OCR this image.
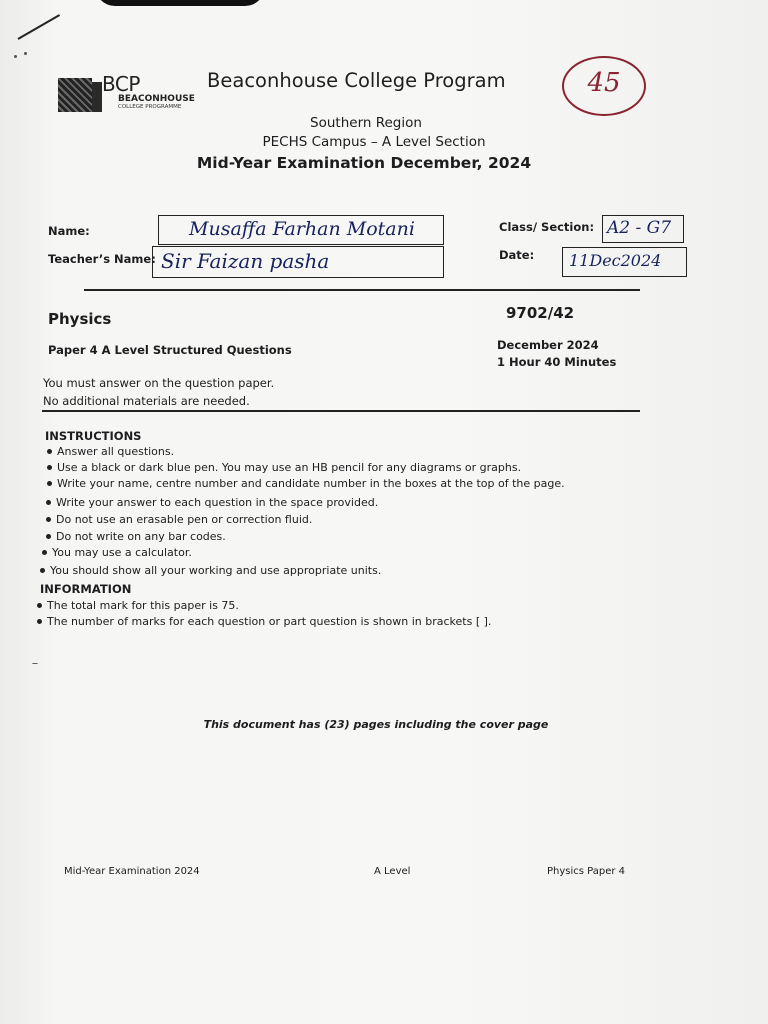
BCP
BEACONHOUSE
COLLEGE PROGRAMME
Beaconhouse College Program	45
Southern Region
PECHS Campus – A Level Section
Mid-Year Examination December, 2024
Name:	Musaffa Farhan Motani
Teacher’s Name: Sir Faizan pasha
Class/ Section: A2 - G7
Date: 11Dec2024
Physics	9702/42
Paper 4 A Level Structured Questions	December 2024
1 Hour 40 Minutes
You must answer on the question paper.
No additional materials are needed.
INSTRUCTIONS
Answer all questions.
Use a black or dark blue pen. You may use an HB pencil for any diagrams or graphs.
Write your name, centre number and candidate number in the boxes at the top of the page.
Write your answer to each question in the space provided.
Do not use an erasable pen or correction fluid.
Do not write on any bar codes.
You may use a calculator.
You should show all your working and use appropriate units.
INFORMATION
The total mark for this paper is 75.
The number of marks for each question or part question is shown in brackets [ ].
This document has (23) pages including the cover page
Mid-Year Examination 2024	A Level	Physics Paper 4
